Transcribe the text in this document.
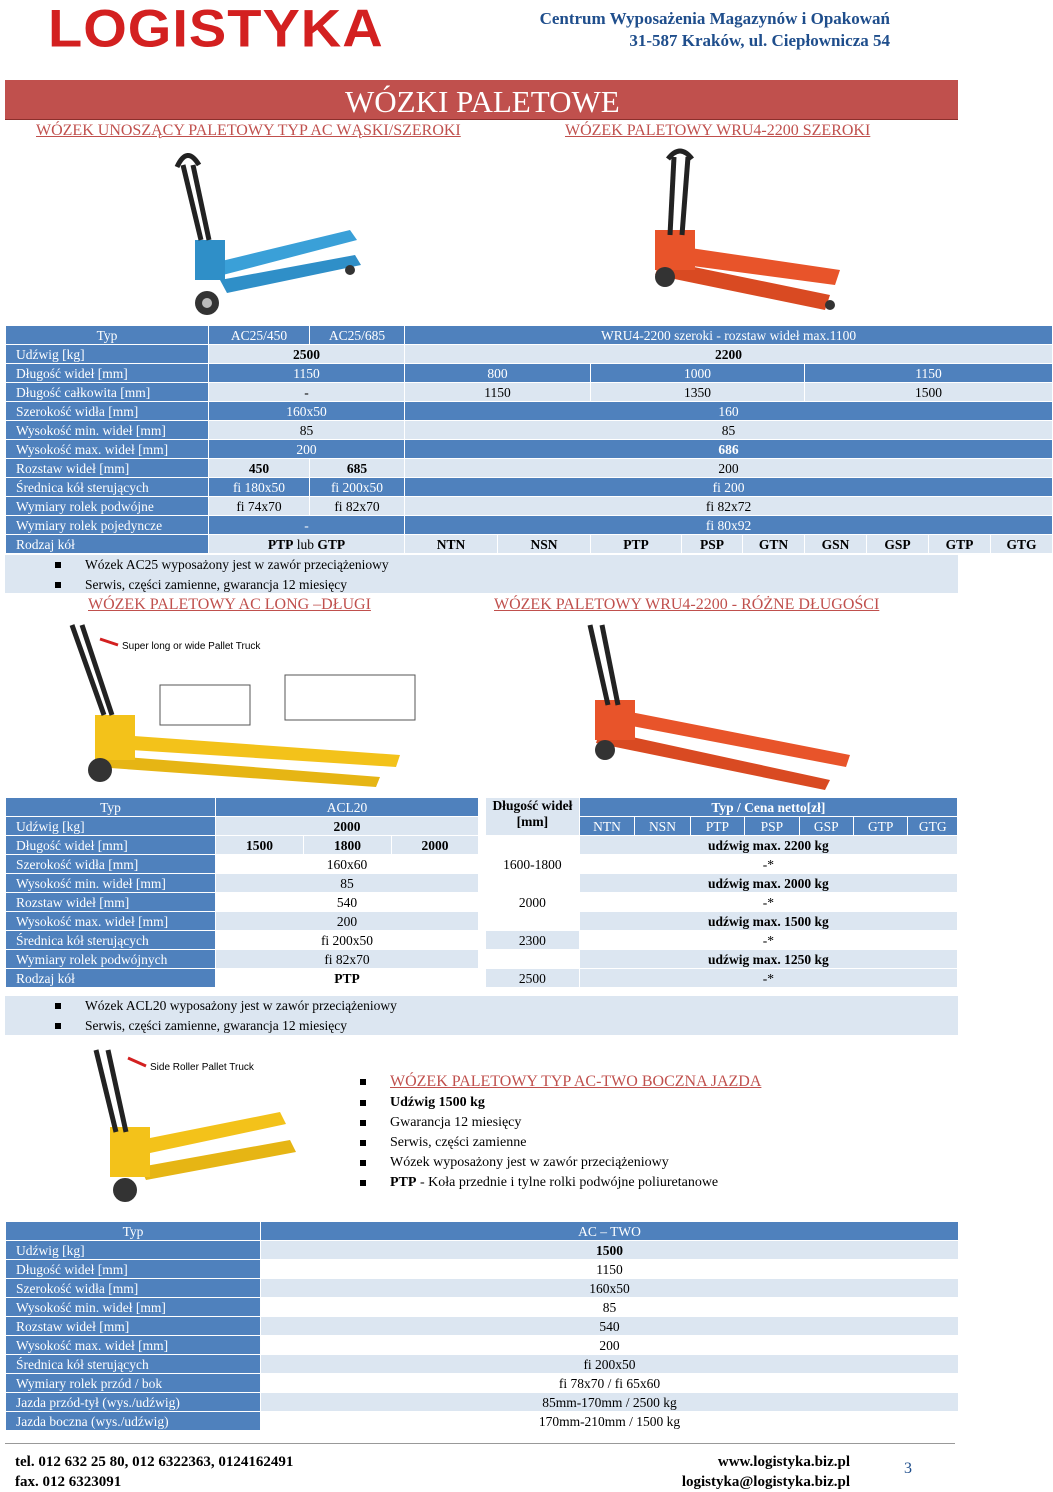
LOGISTYKA	Centrum Wyposażenia Magazynów i Opakowań
31-587 Kraków, ul. Ciepłownicza 54
WÓZKI PALETOWE
WÓZEK UNOSZĄCY PALETOWY TYP AC WĄSKI/SZEROKI	WÓZEK PALETOWY WRU4-2200 SZEROKI
Typ	AC25/450	AC25/685	WRU4-2200 szeroki - rozstaw wideł max.1100								
Udźwig [kg]	2500		2200								
Długość wideł [mm]	1150		800		1000			1150			
Długość całkowita [mm]	-		1150		1350			1500			
Szerokość widła [mm]	160x50		160								
Wysokość min. wideł [mm]	85		85								
Wysokość max. wideł [mm]	200		686								
Rozstaw wideł [mm]	450	685	200								
Średnica kół sterujących	fi 180x50	fi 200x50	fi 200								
Wymiary rolek podwójne	fi 74x70	fi 82x70	fi 82x72								
Wymiary rolek pojedyncze	-		fi 80x92								
Rodzaj kół	PTP lub GTP		NTN	NSN	PTP	PSP	GTN	GSN	GSP	GTP	GTG
Wózek AC25 wyposażony jest w zawór przeciążeniowy
Serwis, części zamienne, gwarancja 12 miesięcy
WÓZEK PALETOWY AC LONG –DŁUGI	WÓZEK PALETOWY WRU4-2200 - RÓŻNE DŁUGOŚCI
Super long or wide Pallet Truck
Typ	ACL20		
Udźwig [kg]	2000		
Długość wideł [mm]	1500	1800	2000
Szerokość widła [mm]	160x60		
Wysokość min. wideł [mm]	85		
Rozstaw wideł [mm]	540		
Wysokość max. wideł [mm]	200		
Średnica kół sterujących	fi 200x50		
Wymiary rolek podwójnych	fi 82x70		
Rodzaj kół	PTP		
Długość wideł [mm]	Typ / Cena netto[zł]						
	NTN	NSN	PTP	PSP	GSP	GTP	GTG
	udźwig max. 2200 kg						
1600-1800	-*						
	udźwig max. 2000 kg						
2000	-*						
	udźwig max. 1500 kg						
2300	-*						
	udźwig max. 1250 kg						
2500	-*						
Wózek ACL20 wyposażony jest w zawór przeciążeniowy
Serwis, części zamienne, gwarancja 12 miesięcy
Side Roller Pallet Truck
WÓZEK PALETOWY TYP AC-TWO BOCZNA JAZDA
Udźwig 1500 kg
Gwarancja 12 miesięcy
Serwis, części zamienne
Wózek wyposażony jest w zawór przeciążeniowy
PTP - Koła przednie i tylne rolki podwójne poliuretanowe
Typ	AC – TWO
Udźwig [kg]	1500
Długość wideł [mm]	1150
Szerokość widła [mm]	160x50
Wysokość min. wideł [mm]	85
Rozstaw wideł [mm]	540
Wysokość max. wideł [mm]	200
Średnica kół sterujących	fi 200x50
Wymiary rolek przód / bok	fi 78x70 / fi 65x60
Jazda przód-tył (wys./udźwig)	85mm-170mm / 2500 kg
Jazda boczna (wys./udźwig)	170mm-210mm / 1500 kg
tel. 012 632 25 80, 012 6322363, 0124162491
fax. 012 6323091
www.logistyka.biz.pl
logistyka@logistyka.biz.pl
3
